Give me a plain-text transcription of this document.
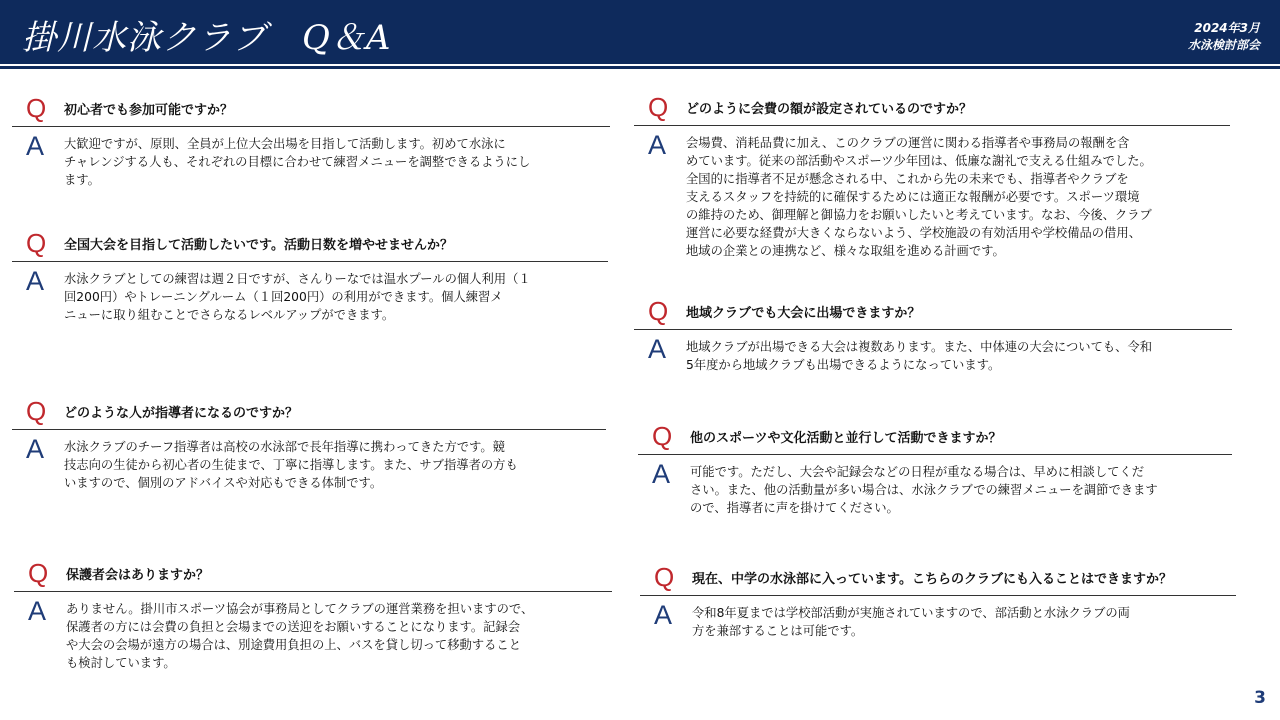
掛川水泳クラブ　Q＆A	2024年3月
水泳検討部会
Q 初心者でも参加可能ですか？
A 大歓迎ですが、原則、全員が上位大会出場を目指して活動します。初めて水泳に
チャレンジする人も、それぞれの目標に合わせて練習メニューを調整できるようにし
ます。
Q 全国大会を目指して活動したいです。活動日数を増やせませんか？
A 水泳クラブとしての練習は週２日ですが、さんりーなでは温水プールの個人利用（１
回200円）やトレーニングルーム（１回200円）の利用ができます。個人練習メ
ニューに取り組むことでさらなるレベルアップができます。
Q どのような人が指導者になるのですか？
A 水泳クラブのチーフ指導者は高校の水泳部で長年指導に携わってきた方です。競
技志向の生徒から初心者の生徒まで、丁寧に指導します。また、サブ指導者の方も
いますので、個別のアドバイスや対応もできる体制です。
Q 保護者会はありますか？
A ありません。掛川市スポーツ協会が事務局としてクラブの運営業務を担いますので、
保護者の方には会費の負担と会場までの送迎をお願いすることになります。記録会
や大会の会場が遠方の場合は、別途費用負担の上、バスを貸し切って移動すること
も検討しています。
Q どのように会費の額が設定されているのですか？
A 会場費、消耗品費に加え、このクラブの運営に関わる指導者や事務局の報酬を含
めています。従来の部活動やスポーツ少年団は、低廉な謝礼で支える仕組みでした。
全国的に指導者不足が懸念される中、これから先の未来でも、指導者やクラブを
支えるスタッフを持続的に確保するためには適正な報酬が必要です。スポーツ環境
の維持のため、御理解と御協力をお願いしたいと考えています。なお、今後、クラブ
運営に必要な経費が大きくならないよう、学校施設の有効活用や学校備品の借用、
地域の企業との連携など、様々な取組を進める計画です。
Q 地域クラブでも大会に出場できますか？
A 地域クラブが出場できる大会は複数あります。また、中体連の大会についても、令和
5年度から地域クラブも出場できるようになっています。
Q 他のスポーツや文化活動と並行して活動できますか？
A 可能です。ただし、大会や記録会などの日程が重なる場合は、早めに相談してくだ
さい。また、他の活動量が多い場合は、水泳クラブでの練習メニューを調節できます
ので、指導者に声を掛けてください。
Q 現在、中学の水泳部に入っています。こちらのクラブにも入ることはできますか？
A 令和8年夏までは学校部活動が実施されていますので、部活動と水泳クラブの両
方を兼部することは可能です。
3
